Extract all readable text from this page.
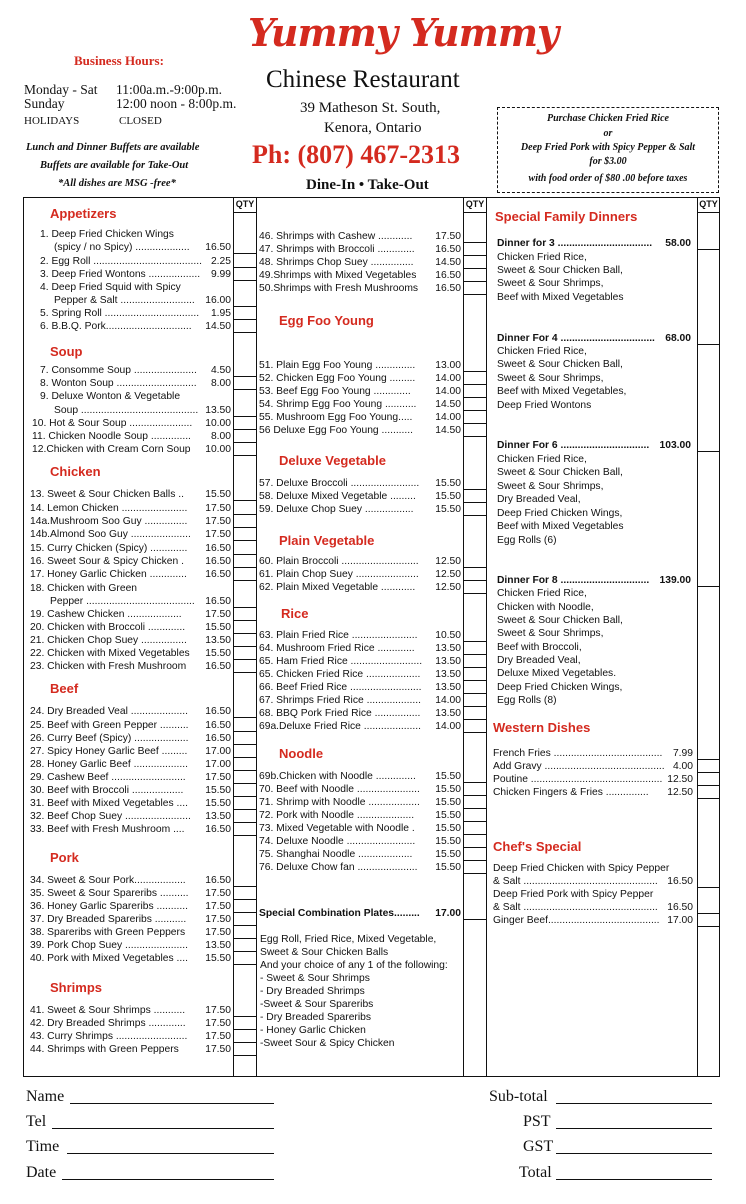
Yummy Yummy
Chinese Restaurant
39 Matheson St. South,
Kenora, Ontario
Ph: (807) 467-2313
Dine-In • Take-Out
Business Hours:
Monday - Sat 11:00a.m.-9:00p.m.
Sunday	12:00 noon - 8:00p.m.
HOLIDAYS	CLOSED
Lunch and Dinner Buffets are available
Buffets are available for Take-Out
*All dishes are MSG -free*
Purchase Chicken Fried Rice
or
Deep Fried Pork with Spicy Pepper & Salt
for $3.00
with food order of $80 .00 before taxes
QTY	QTY	QTY
Appetizers
1. Deep Fried Chicken Wings
(spicy / no Spicy) ................... 16.50
2. Egg Roll ...................................... 2.25
3. Deep Fried Wontons .................. 9.99
4. Deep Fried Squid with Spicy
Pepper & Salt .......................... 16.00
5. Spring Roll ................................. 1.95
6. B.B.Q. Pork.............................. 14.50
Soup
7. Consomme Soup ...................... 4.50
8. Wonton Soup ............................ 8.00
9. Deluxe Wonton & Vegetable
Soup ......................................... 13.50
10. Hot & Sour Soup ...................... 10.00
11. Chicken Noodle Soup .............. 8.00
12.Chicken with Cream Corn Soup 10.00
Chicken
13. Sweet & Sour Chicken Balls .. 15.50
14. Lemon Chicken ....................... 17.50
14a.Mushroom Soo Guy ............... 17.50
14b.Almond Soo Guy ..................... 17.50
15. Curry Chicken (Spicy) ............. 16.50
16. Sweet Sour & Spicy Chicken . 16.50
17. Honey Garlic Chicken ............. 16.50
18. Chicken with Green
Pepper ...................................... 16.50
19. Cashew Chicken ................... 17.50
20. Chicken with Broccoli ............. 15.50
21. Chicken Chop Suey ................ 13.50
22. Chicken with Mixed Vegetables 15.50
23. Chicken with Fresh Mushroom 16.50
Beef
24. Dry Breaded Veal .................... 16.50
25. Beef with Green Pepper .......... 16.50
26. Curry Beef (Spicy) ................... 16.50
27. Spicy Honey Garlic Beef ......... 17.00
28. Honey Garlic Beef ................... 17.00
29. Cashew Beef .......................... 17.50
30. Beef with Broccoli .................. 15.50
31. Beef with Mixed Vegetables .... 15.50
32. Beef Chop Suey ....................... 13.50
33. Beef with Fresh Mushroom .... 16.50
Pork
34. Sweet & Sour Pork.................. 16.50
35. Sweet & Sour Spareribs .......... 17.50
36. Honey Garlic Spareribs ........... 17.50
37. Dry Breaded Spareribs ........... 17.50
38. Spareribs with Green Peppers 17.50
39. Pork Chop Suey ...................... 13.50
40. Pork with Mixed Vegetables .... 15.50
Shrimps
41. Sweet & Sour Shrimps ........... 17.50
42. Dry Breaded Shrimps ............. 17.50
43. Curry Shrimps ......................... 17.50
44. Shrimps with Green Peppers	17.50
46. Shrimps with Cashew ............ 17.50
47. Shrimps with Broccoli ............. 16.50
48. Shrimps Chop Suey ............... 14.50
49.Shrimps with Mixed Vegetables 16.50
50.Shrimps with Fresh Mushrooms 16.50
Egg Foo Young
51. Plain Egg Foo Young .............. 13.00
52. Chicken Egg Foo Young ......... 14.00
53. Beef Egg Foo Young ............. 14.00
54. Shrimp Egg Foo Young ........... 14.50
55. Mushroom Egg Foo Young..... 14.00
56 Deluxe Egg Foo Young ........... 14.50
Deluxe Vegetable
57. Deluxe Broccoli ........................ 15.50
58. Deluxe Mixed Vegetable ......... 15.50
59. Deluxe Chop Suey ................. 15.50
Plain Vegetable
60. Plain Broccoli ........................... 12.50
61. Plain Chop Suey ...................... 12.50
62. Plain Mixed Vegetable ............ 12.50
Rice
63. Plain Fried Rice ....................... 10.50
64. Mushroom Fried Rice ............. 13.50
65. Ham Fried Rice ......................... 13.50
65. Chicken Fried Rice ................... 13.50
66. Beef Fried Rice ......................... 13.50
67. Shrimps Fried Rice ................... 14.00
68. BBQ Pork Fried Rice ................ 13.50
69a.Deluxe Fried Rice .................... 14.00
Noodle
69b.Chicken with Noodle .............. 15.50
70. Beef with Noodle ...................... 15.50
71. Shrimp with Noodle .................. 15.50
72. Pork with Noodle .................... 15.50
73. Mixed Vegetable with Noodle . 15.50
74. Deluxe Noodle ........................ 15.50
75. Shanghai Noodle ................... 15.50
76. Deluxe Chow fan ..................... 15.50
Special Combination Plates......... 17.00
Egg Roll, Fried Rice, Mixed Vegetable,
Sweet & Sour Chicken Balls
And your choice of any 1 of the following:
- Sweet & Sour Shrimps
- Dry Breaded Shrimps
-Sweet & Sour Spareribs
- Dry Breaded Spareribs
- Honey Garlic Chicken
-Sweet Sour & Spicy Chicken
Special Family Dinners
Dinner for 3 ................................. 58.00
Chicken Fried Rice,
Sweet & Sour Chicken Ball,
Sweet & Sour Shrimps,
Beef with Mixed Vegetables
Dinner For 4 ................................. 68.00
Chicken Fried Rice,
Sweet & Sour Chicken Ball,
Sweet & Sour Shrimps,
Beef with Mixed Vegetables,
Deep Fried Wontons
Dinner For 6 ............................... 103.00
Chicken Fried Rice,
Sweet & Sour Chicken Ball,
Sweet & Sour Shrimps,
Dry Breaded Veal,
Deep Fried Chicken Wings,
Beef with Mixed Vegetables
Egg Rolls (6)
Dinner For 8 ............................... 139.00
Chicken Fried Rice,
Chicken with Noodle,
Sweet & Sour Chicken Ball,
Sweet & Sour Shrimps,
Beef with Broccoli,
Dry Breaded Veal,
Deluxe Mixed Vegetables.
Deep Fried Chicken Wings,
Egg Rolls (8)
Western Dishes
French Fries ...................................... 7.99
Add Gravy .......................................... 4.00
Poutine .............................................. 12.50
Chicken Fingers & Fries ............... 12.50
Chef's Special
Deep Fried Chicken with Spicy Pepper
& Salt ............................................... 16.50
Deep Fried Pork with Spicy Pepper
& Salt ............................................... 16.50
Ginger Beef....................................... 17.00
Name
Tel
Time
Date
Sub-total
PST
GST
Total
